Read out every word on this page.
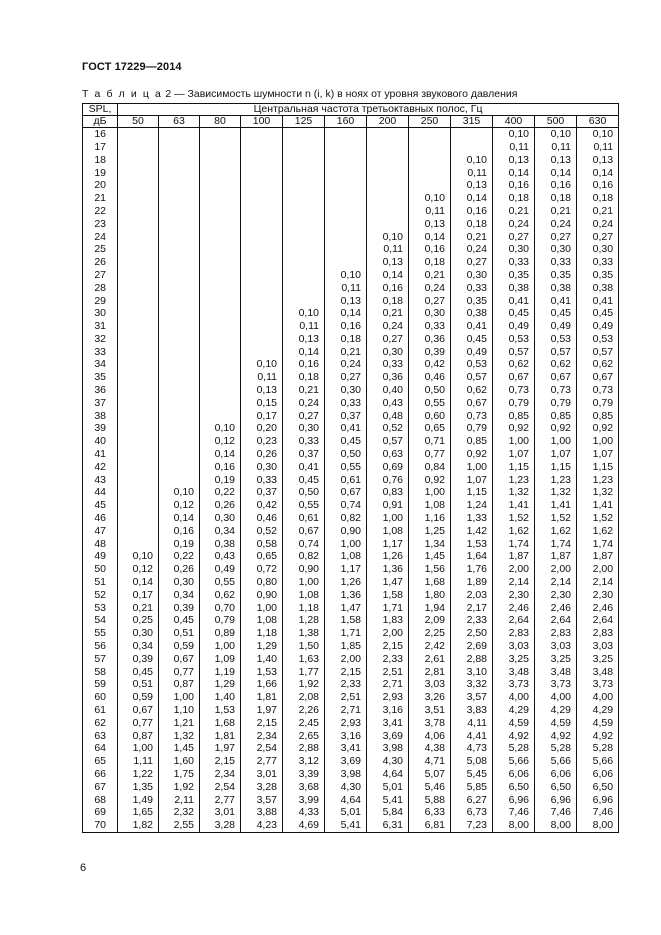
ГОСТ 17229—2014
Т а б л и ц а 2 — Зависимость шумности n (i, k) в ноях от уровня звукового давления
SPL,	Центральная частота третьоктавных полос, Гц											
дБ	50	63	80	100	125	160	200	250	315	400	500	630
16										0,10	0,10	0,10
17										0,11	0,11	0,11
18									0,10	0,13	0,13	0,13
19									0,11	0,14	0,14	0,14
20									0,13	0,16	0,16	0,16
21								0,10	0,14	0,18	0,18	0,18
22								0,11	0,16	0,21	0,21	0,21
23								0,13	0,18	0,24	0,24	0,24
24							0,10	0,14	0,21	0,27	0,27	0,27
25							0,11	0,16	0,24	0,30	0,30	0,30
26							0,13	0,18	0,27	0,33	0,33	0,33
27						0,10	0,14	0,21	0,30	0,35	0,35	0,35
28						0,11	0,16	0,24	0,33	0,38	0,38	0,38
29						0,13	0,18	0,27	0,35	0,41	0,41	0,41
30					0,10	0,14	0,21	0,30	0,38	0,45	0,45	0,45
31					0,11	0,16	0,24	0,33	0,41	0,49	0,49	0,49
32					0,13	0,18	0,27	0,36	0,45	0,53	0,53	0,53
33					0,14	0,21	0,30	0,39	0,49	0,57	0,57	0,57
34				0,10	0,16	0,24	0,33	0,42	0,53	0,62	0,62	0,62
35				0,11	0,18	0,27	0,36	0,46	0,57	0,67	0,67	0,67
36				0,13	0,21	0,30	0,40	0,50	0,62	0,73	0,73	0,73
37				0,15	0,24	0,33	0,43	0,55	0,67	0,79	0,79	0,79
38				0,17	0,27	0,37	0,48	0,60	0,73	0,85	0,85	0,85
39			0,10	0,20	0,30	0,41	0,52	0,65	0,79	0,92	0,92	0,92
40			0,12	0,23	0,33	0,45	0,57	0,71	0,85	1,00	1,00	1,00
41			0,14	0,26	0,37	0,50	0,63	0,77	0,92	1,07	1,07	1,07
42			0,16	0,30	0,41	0,55	0,69	0,84	1,00	1,15	1,15	1,15
43			0,19	0,33	0,45	0,61	0,76	0,92	1,07	1,23	1,23	1,23
44		0,10	0,22	0,37	0,50	0,67	0,83	1,00	1,15	1,32	1,32	1,32
45		0,12	0,26	0,42	0,55	0,74	0,91	1,08	1,24	1,41	1,41	1,41
46		0,14	0,30	0,46	0,61	0,82	1,00	1,16	1,33	1,52	1,52	1,52
47		0,16	0,34	0,52	0,67	0,90	1,08	1,25	1,42	1,62	1,62	1,62
48		0,19	0,38	0,58	0,74	1,00	1,17	1,34	1,53	1,74	1,74	1,74
49	0,10	0,22	0,43	0,65	0,82	1,08	1,26	1,45	1,64	1,87	1,87	1,87
50	0,12	0,26	0,49	0,72	0,90	1,17	1,36	1,56	1,76	2,00	2,00	2,00
51	0,14	0,30	0,55	0,80	1,00	1,26	1,47	1,68	1,89	2,14	2,14	2,14
52	0,17	0,34	0,62	0,90	1,08	1,36	1,58	1,80	2,03	2,30	2,30	2,30
53	0,21	0,39	0,70	1,00	1,18	1,47	1,71	1,94	2,17	2,46	2,46	2,46
54	0,25	0,45	0,79	1,08	1,28	1,58	1,83	2,09	2,33	2,64	2,64	2,64
55	0,30	0,51	0,89	1,18	1,38	1,71	2,00	2,25	2,50	2,83	2,83	2,83
56	0,34	0,59	1,00	1,29	1,50	1,85	2,15	2,42	2,69	3,03	3,03	3,03
57	0,39	0,67	1,09	1,40	1,63	2,00	2,33	2,61	2,88	3,25	3,25	3,25
58	0,45	0,77	1,19	1,53	1,77	2,15	2,51	2,81	3,10	3,48	3,48	3,48
59	0,51	0,87	1,29	1,66	1,92	2,33	2,71	3,03	3,32	3,73	3,73	3,73
60	0,59	1,00	1,40	1,81	2,08	2,51	2,93	3,26	3,57	4,00	4,00	4,00
61	0,67	1,10	1,53	1,97	2,26	2,71	3,16	3,51	3,83	4,29	4,29	4,29
62	0,77	1,21	1,68	2,15	2,45	2,93	3,41	3,78	4,11	4,59	4,59	4,59
63	0,87	1,32	1,81	2,34	2,65	3,16	3,69	4,06	4,41	4,92	4,92	4,92
64	1,00	1,45	1,97	2,54	2,88	3,41	3,98	4,38	4,73	5,28	5,28	5,28
65	1,11	1,60	2,15	2,77	3,12	3,69	4,30	4,71	5,08	5,66	5,66	5,66
66	1,22	1,75	2,34	3,01	3,39	3,98	4,64	5,07	5,45	6,06	6,06	6,06
67	1,35	1,92	2,54	3,28	3,68	4,30	5,01	5,46	5,85	6,50	6,50	6,50
68	1,49	2,11	2,77	3,57	3,99	4,64	5,41	5,88	6,27	6,96	6,96	6,96
69	1,65	2,32	3,01	3,88	4,33	5,01	5,84	6,33	6,73	7,46	7,46	7,46
70	1,82	2,55	3,28	4,23	4,69	5,41	6,31	6,81	7,23	8,00	8,00	8,00
6
